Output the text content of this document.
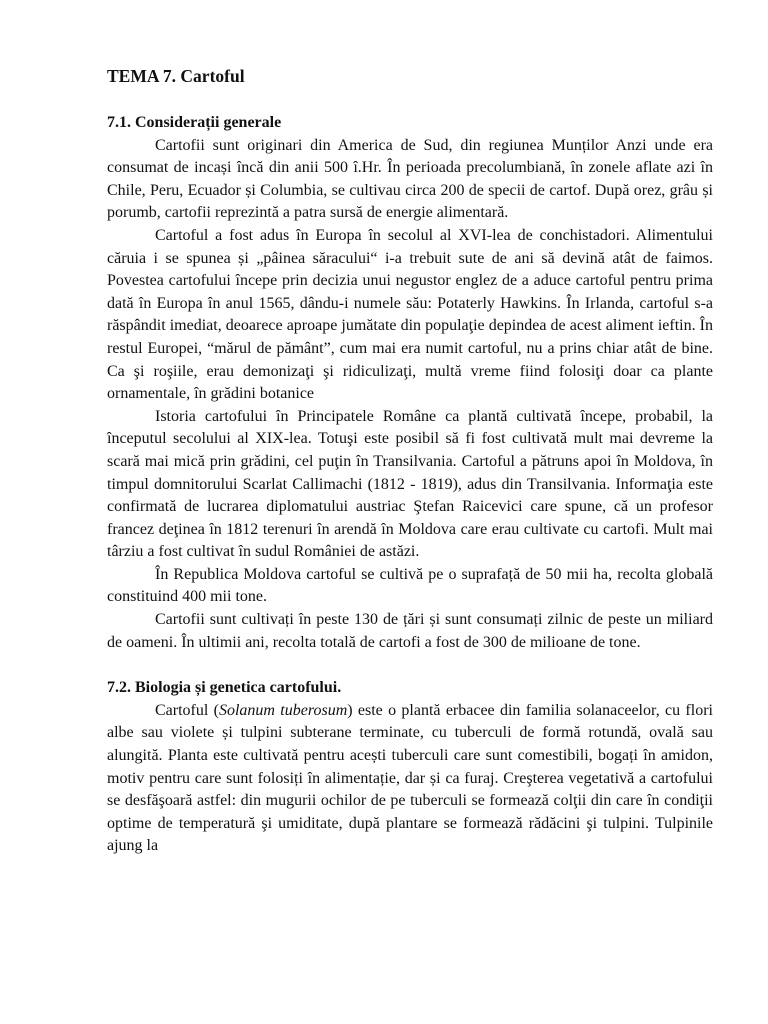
TEMA 7. Cartoful
7.1. Considerații generale

Cartofii sunt originari din America de Sud, din regiunea Munților Anzi unde era consumat de incași încă din anii 500 î.Hr. În perioada precolumbiană, în zonele aflate azi în Chile, Peru, Ecuador și Columbia, se cultivau circa 200 de specii de cartof. După orez, grâu și porumb, cartofii reprezintă a patra sursă de energie alimentară.

Cartoful a fost adus în Europa în secolul al XVI-lea de conchistadori. Alimentului căruia i se spunea și „pâinea săracului“ i-a trebuit sute de ani să devină atât de faimos. Povestea cartofului începe prin decizia unui negustor englez de a aduce cartoful pentru prima dată în Europa în anul 1565, dându-i numele său: Potaterly Hawkins. În Irlanda, cartoful s-a răspândit imediat, deoarece aproape jumătate din populaţie depindea de acest aliment ieftin. În restul Europei, “mărul de pământ”, cum mai era numit cartoful, nu a prins chiar atât de bine. Ca şi roşiile, erau demonizaţi şi ridiculizaţi, multă vreme fiind folosiţi doar ca plante ornamentale, în grădini botanice

Istoria cartofului în Principatele Române ca plantă cultivată începe, probabil, la începutul secolului al XIX-lea. Totuşi este posibil să fi fost cultivată mult mai devreme la scară mai mică prin grădini, cel puţin în Transilvania. Cartoful a pătruns apoi în Moldova, în timpul domnitorului Scarlat Callimachi (1812 - 1819), adus din Transilvania. Informaţia este confirmată de lucrarea diplomatului austriac Ştefan Raicevici care spune, că un profesor francez deţinea în 1812 terenuri în arendă în Moldova care erau cultivate cu cartofi. Mult mai târziu a fost cultivat în sudul României de astăzi.

În Republica Moldova cartoful se cultivă pe o suprafață de 50 mii ha, recolta globală constituind 400 mii tone.

Cartofii sunt cultivați în peste 130 de țări și sunt consumați zilnic de peste un miliard de oameni. În ultimii ani, recolta totală de cartofi a fost de 300 de milioane de tone.

7.2. Biologia și genetica cartofului.

Cartoful (Solanum tuberosum) este o plantă erbacee din familia solanaceelor, cu flori albe sau violete și tulpini subterane terminate, cu tuberculi de formă rotundă, ovală sau alungită. Planta este cultivată pentru acești tuberculi care sunt comestibili, bogați în amidon, motiv pentru care sunt folosiți în alimentație, dar și ca furaj. Creşterea vegetativă a cartofului se desfăşoară astfel: din mugurii ochilor de pe tuberculi se formează colţii din care în condiţii optime de temperatură şi umiditate, după plantare se formează rădăcini şi tulpini. Tulpinile ajung la
